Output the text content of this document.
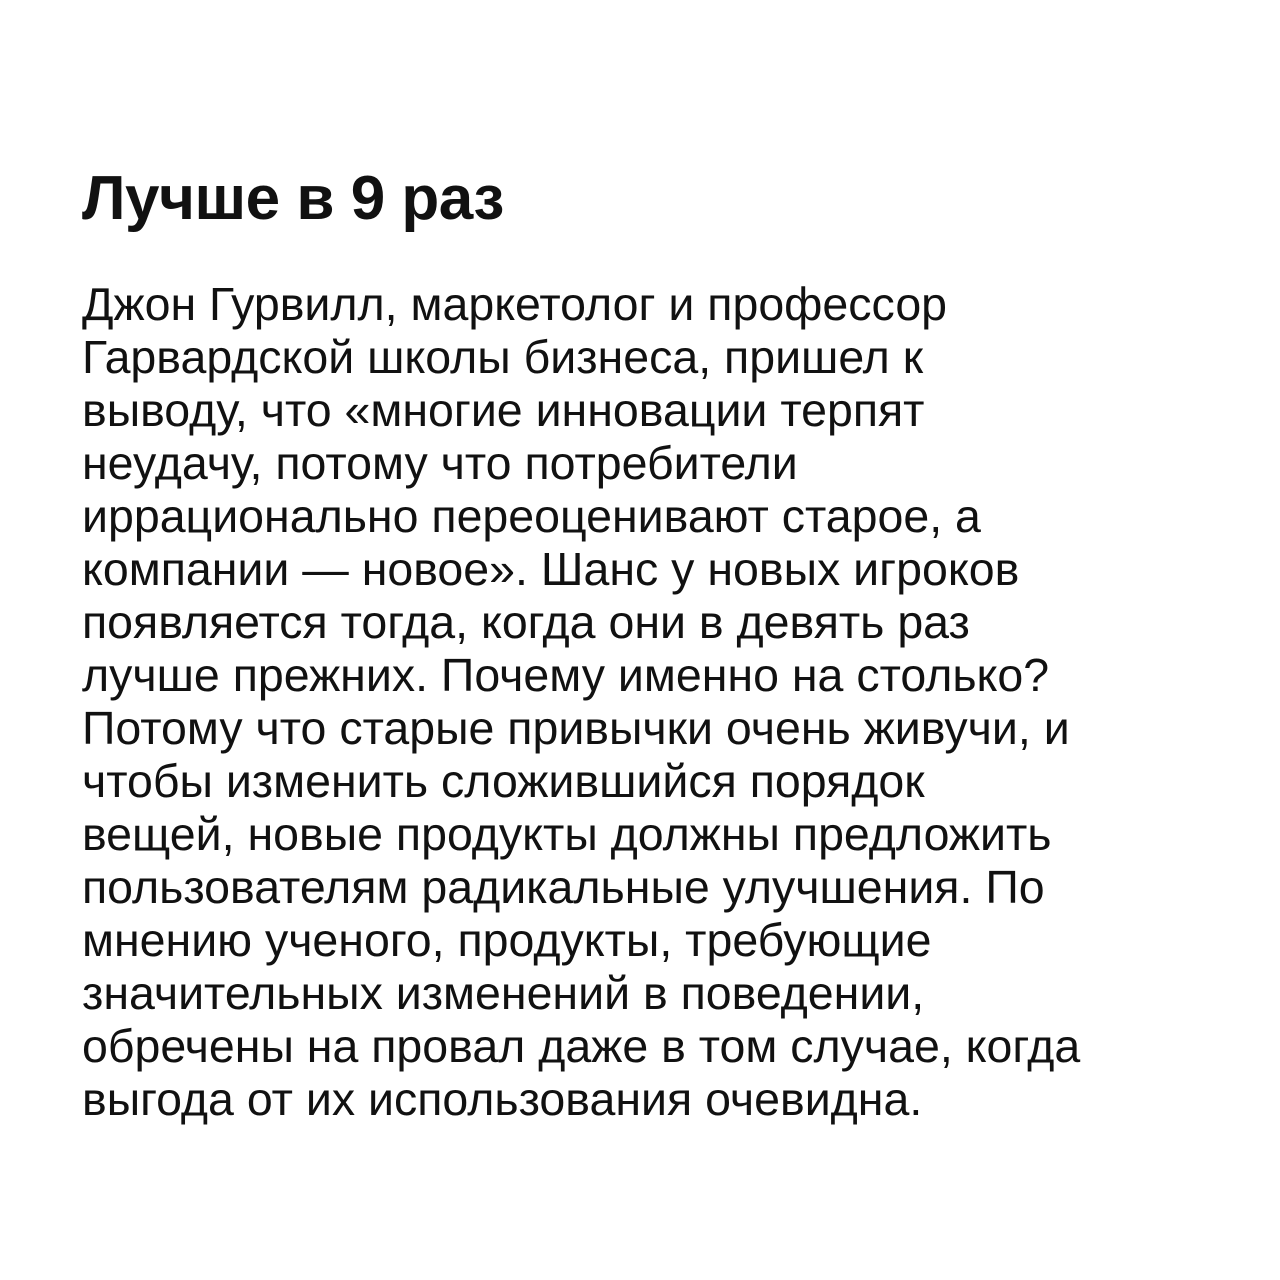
Лучше в 9 раз
Джон Гурвилл, маркетолог и профессор
Гарвардской школы бизнеса, пришел к
выводу, что «многие инновации терпят
неудачу, потому что потребители
иррационально переоценивают старое, а
компании — новое». Шанс у новых игроков
появляется тогда, когда они в девять раз
лучше прежних. Почему именно на столько?
Потому что старые привычки очень живучи, и
чтобы изменить сложившийся порядок
вещей, новые продукты должны предложить
пользователям радикальные улучшения. По
мнению ученого, продукты, требующие
значительных изменений в поведении,
обречены на провал даже в том случае, когда
выгода от их использования очевидна.
